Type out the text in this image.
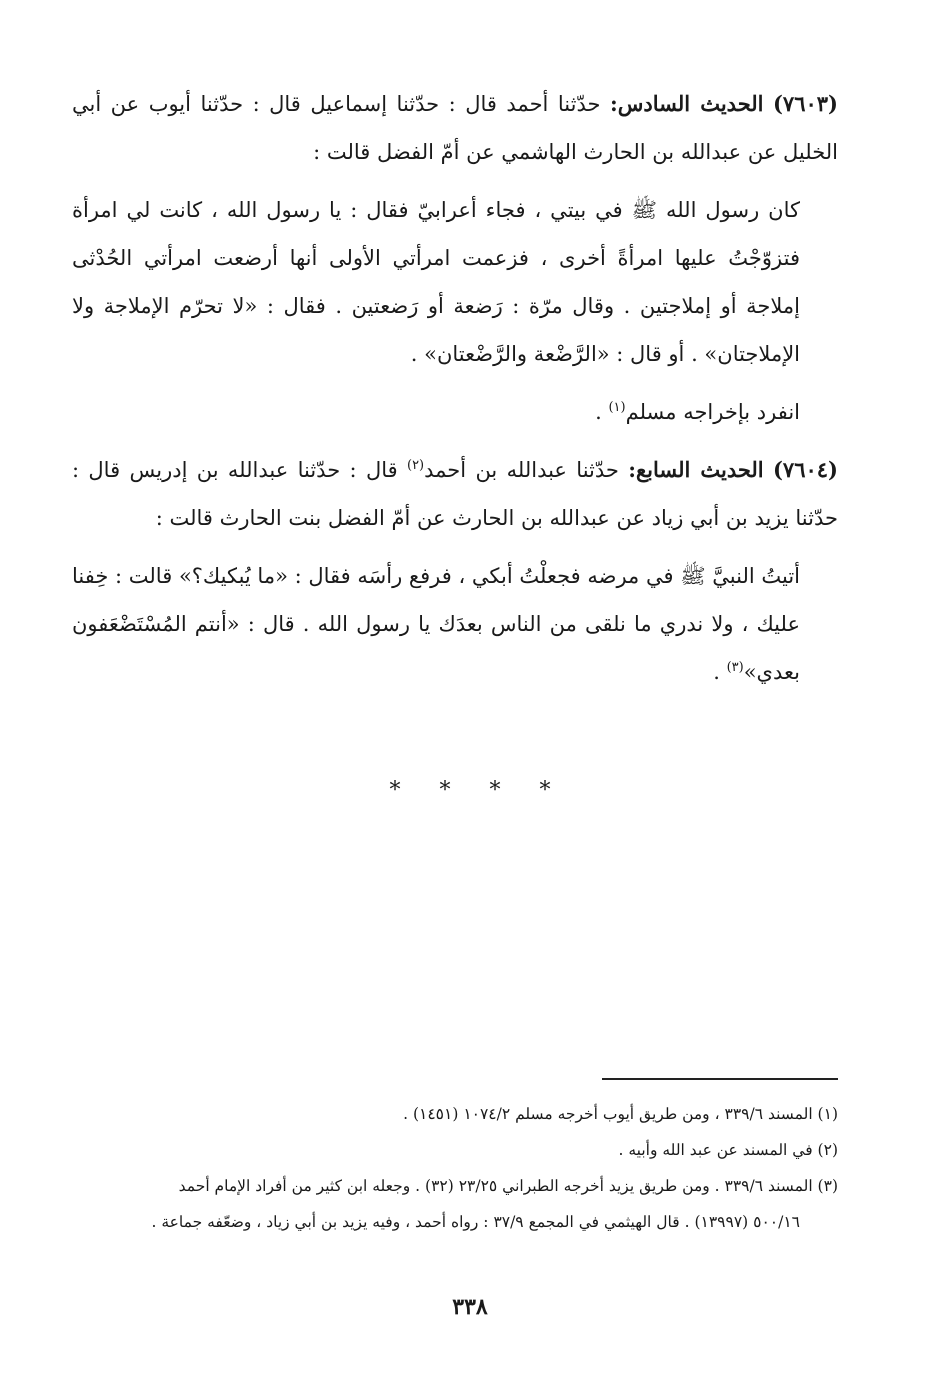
(٧٦٠٣) الحديث السادس: حدّثنا أحمد قال : حدّثنا إسماعيل قال : حدّثنا أيوب عن أبي الخليل عن عبدالله بن الحارث الهاشمي عن أمّ الفضل قالت :

كان رسول الله ﷺ في بيتي ، فجاء أعرابيّ فقال : يا رسول الله ، كانت لي امرأة فتزوّجْتُ عليها امرأةً أخرى ، فزعمت امرأتي الأولى أنها أرضعت امرأتي الحُدْثى إملاجة أو إملاجتين . وقال مرّة : رَضعة أو رَضعتين . فقال : «لا تحرّم الإملاجة ولا الإملاجتان» . أو قال : «الرَّضْعة والرَّضْعتان» .

انفرد بإخراجه مسلم$^{(١)}$ .

(٧٦٠٤) الحديث السابع: حدّثنا عبدالله بن أحمد$^{(٢)}$ قال : حدّثنا عبدالله بن إدريس قال : حدّثنا يزيد بن أبي زياد عن عبدالله بن الحارث عن أمّ الفضل بنت الحارث قالت :

أتيتُ النبيَّ ﷺ في مرضه فجعلْتُ أبكي ، فرفع رأسَه فقال : «ما يُبكيك؟» قالت : خِفنا عليك ، ولا ندري ما نلقى من الناس بعدَك يا رسول الله . قال : «أنتم المُسْتَضْعَفون بعدي»$^{(٣)}$ .

* * * *

(١) المسند ٣٣٩/٦ ، ومن طريق أيوب أخرجه مسلم ١٠٧٤/٢ (١٤٥١) .

(٢) في المسند عن عبد الله وأبيه .

(٣) المسند ٣٣٩/٦ . ومن طريق يزيد أخرجه الطبراني ٢٣/٢٥ (٣٢) . وجعله ابن كثير من أفراد الإمام أحمد

٥٠٠/١٦ (١٣٩٩٧) . قال الهيثمي في المجمع ٣٧/٩ : رواه أحمد ، وفيه يزيد بن أبي زياد ، وضعّفه جماعة .

٣٣٨
